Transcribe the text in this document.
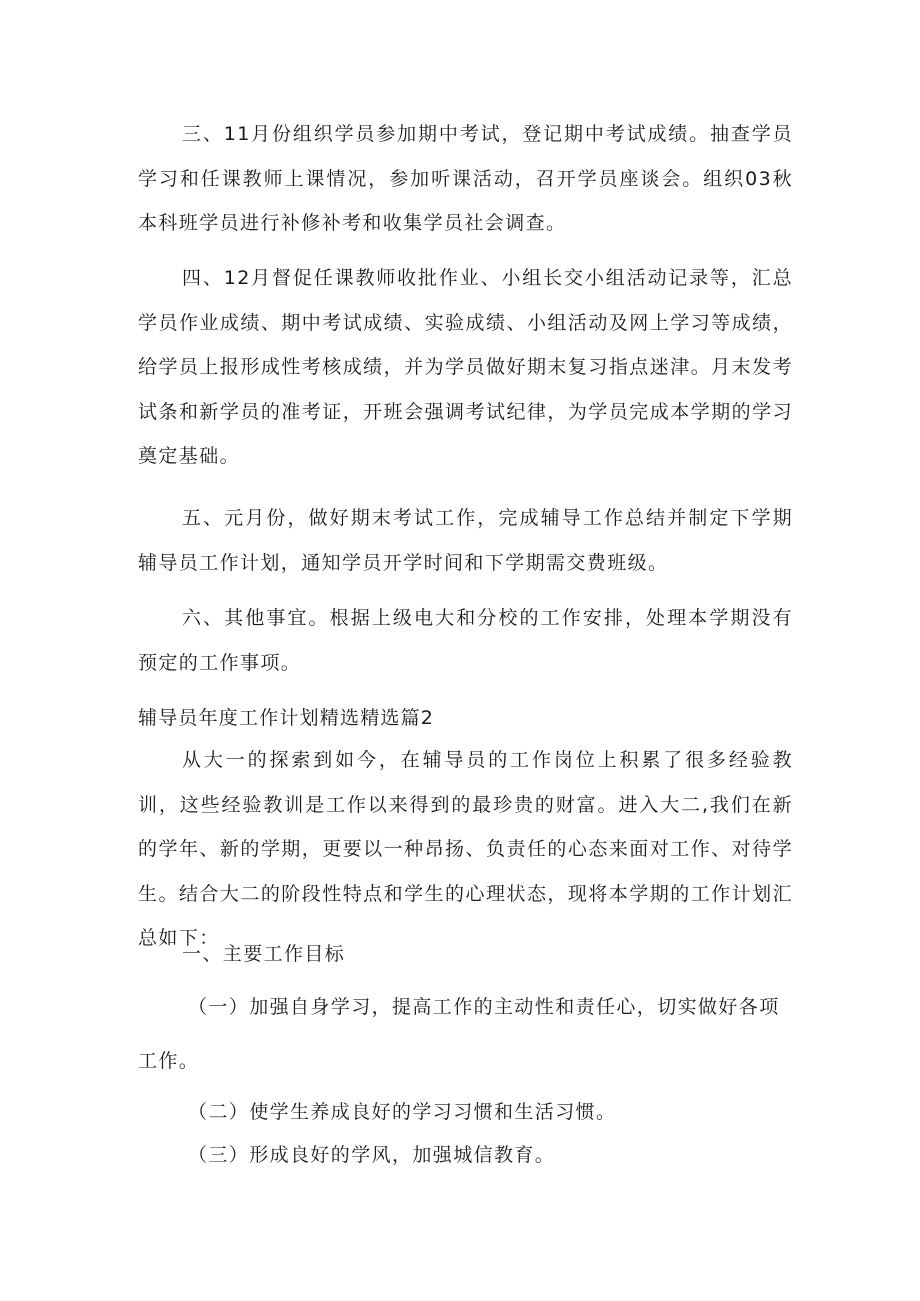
三、11月份组织学员参加期中考试，登记期中考试成绩。抽查学员学习和任课教师上课情况，参加听课活动，召开学员座谈会。组织03秋本科班学员进行补修补考和收集学员社会调查。

四、12月督促任课教师收批作业、小组长交小组活动记录等，汇总学员作业成绩、期中考试成绩、实验成绩、小组活动及网上学习等成绩，给学员上报形成性考核成绩，并为学员做好期末复习指点迷津。月末发考试条和新学员的准考证，开班会强调考试纪律，为学员完成本学期的学习奠定基础。

五、元月份，做好期末考试工作，完成辅导工作总结并制定下学期辅导员工作计划，通知学员开学时间和下学期需交费班级。

六、其他事宜。根据上级电大和分校的工作安排，处理本学期没有预定的工作事项。

辅导员年度工作计划精选精选篇2

从大一的探索到如今，在辅导员的工作岗位上积累了很多经验教训，这些经验教训是工作以来得到的最珍贵的财富。进入大二,我们在新的学年、新的学期，更要以一种昂扬、负责任的心态来面对工作、对待学生。结合大二的阶段性特点和学生的心理状态，现将本学期的工作计划汇总如下：

一、主要工作目标

（一）加强自身学习，提高工作的主动性和责任心，切实做好各项工作。

（二）使学生养成良好的学习习惯和生活习惯。

（三）形成良好的学风，加强城信教育。
